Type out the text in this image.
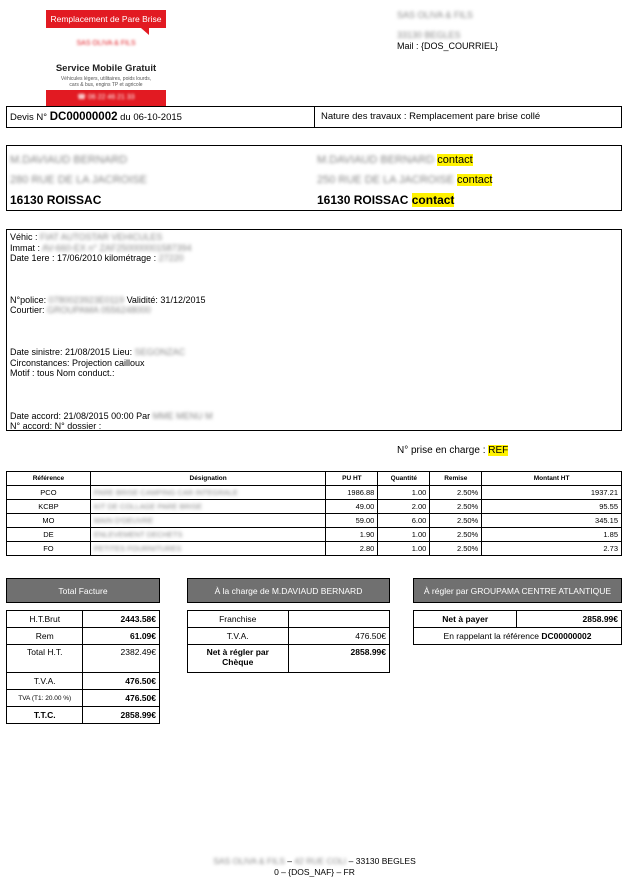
Remplacement de Pare Brise
SAS OLIVA & FILS
Service Mobile Gratuit
Véhicules légers, utilitaires, poids lourds, cars & bus, engins TP et agricole
☎ 06 22 46 21 33
SAS OLIVA & FILS
33130 BEGLES
Mail : {DOS_COURRIEL}
Devis N° DC00000002 du 06-10-2015	Nature des travaux : Remplacement pare brise collé
M.DAVIAUD BERNARD
280 RUE DE LA JACROISE
16130 ROISSAC
M.DAVIAUD BERNARD contact
250 RUE DE LA JACROISE contact
16130 ROISSAC contact
Véhic : FIAT AUTOSTAR VEHICULES
Immat : AV-660-EX n° ZAF250000001587394
Date 1ere : 17/06/2010 kilométrage : 27220
N°police: 0780023923E0119 Validité: 31/12/2015
Courtier: GROUPAMA 0556248000
Date sinistre: 21/08/2015 Lieu: SEGONZAC
Circonstances: Projection cailloux
Motif : tous Nom conduct.:
Date accord: 21/08/2015 00:00 Par MME MENU M
N° accord: N° dossier :
N° prise en charge : REF
Référence	Désignation	PU HT	Quantité	Remise	Montant HT
PCO	PARE BRISE CAMPING CAR INTEGRALE	1986.88	1.00	2.50%	1937.21
KCBP	KIT DE COLLAGE PARE BRISE	49.00	2.00	2.50%	95.55
MO	MAIN D'OEUVRE	59.00	6.00	2.50%	345.15
DE	ENLEVEMENT DECHETS	1.90	1.00	2.50%	1.85
FO	PETITES FOURNITURES	2.80	1.00	2.50%	2.73
Total Facture	

H.T.Brut	2443.58€
Rem	61.09€
Total H.T.	2382.49€
T.V.A.	476.50€
TVA (T1: 20.00 %)	476.50€
T.T.C.	2858.99€
À la charge de M.DAVIAUD BERNARD	

Franchise	
T.V.A.	476.50€
Net à régler par Chèque	2858.99€
À régler par GROUPAMA CENTRE ATLANTIQUE

Net à payer	2858.99€
En rappelant la référence DC00000002
SAS OLIVA & FILS – 42 RUE COLI – 33130 BEGLES
0 – {DOS_NAF} – FR
